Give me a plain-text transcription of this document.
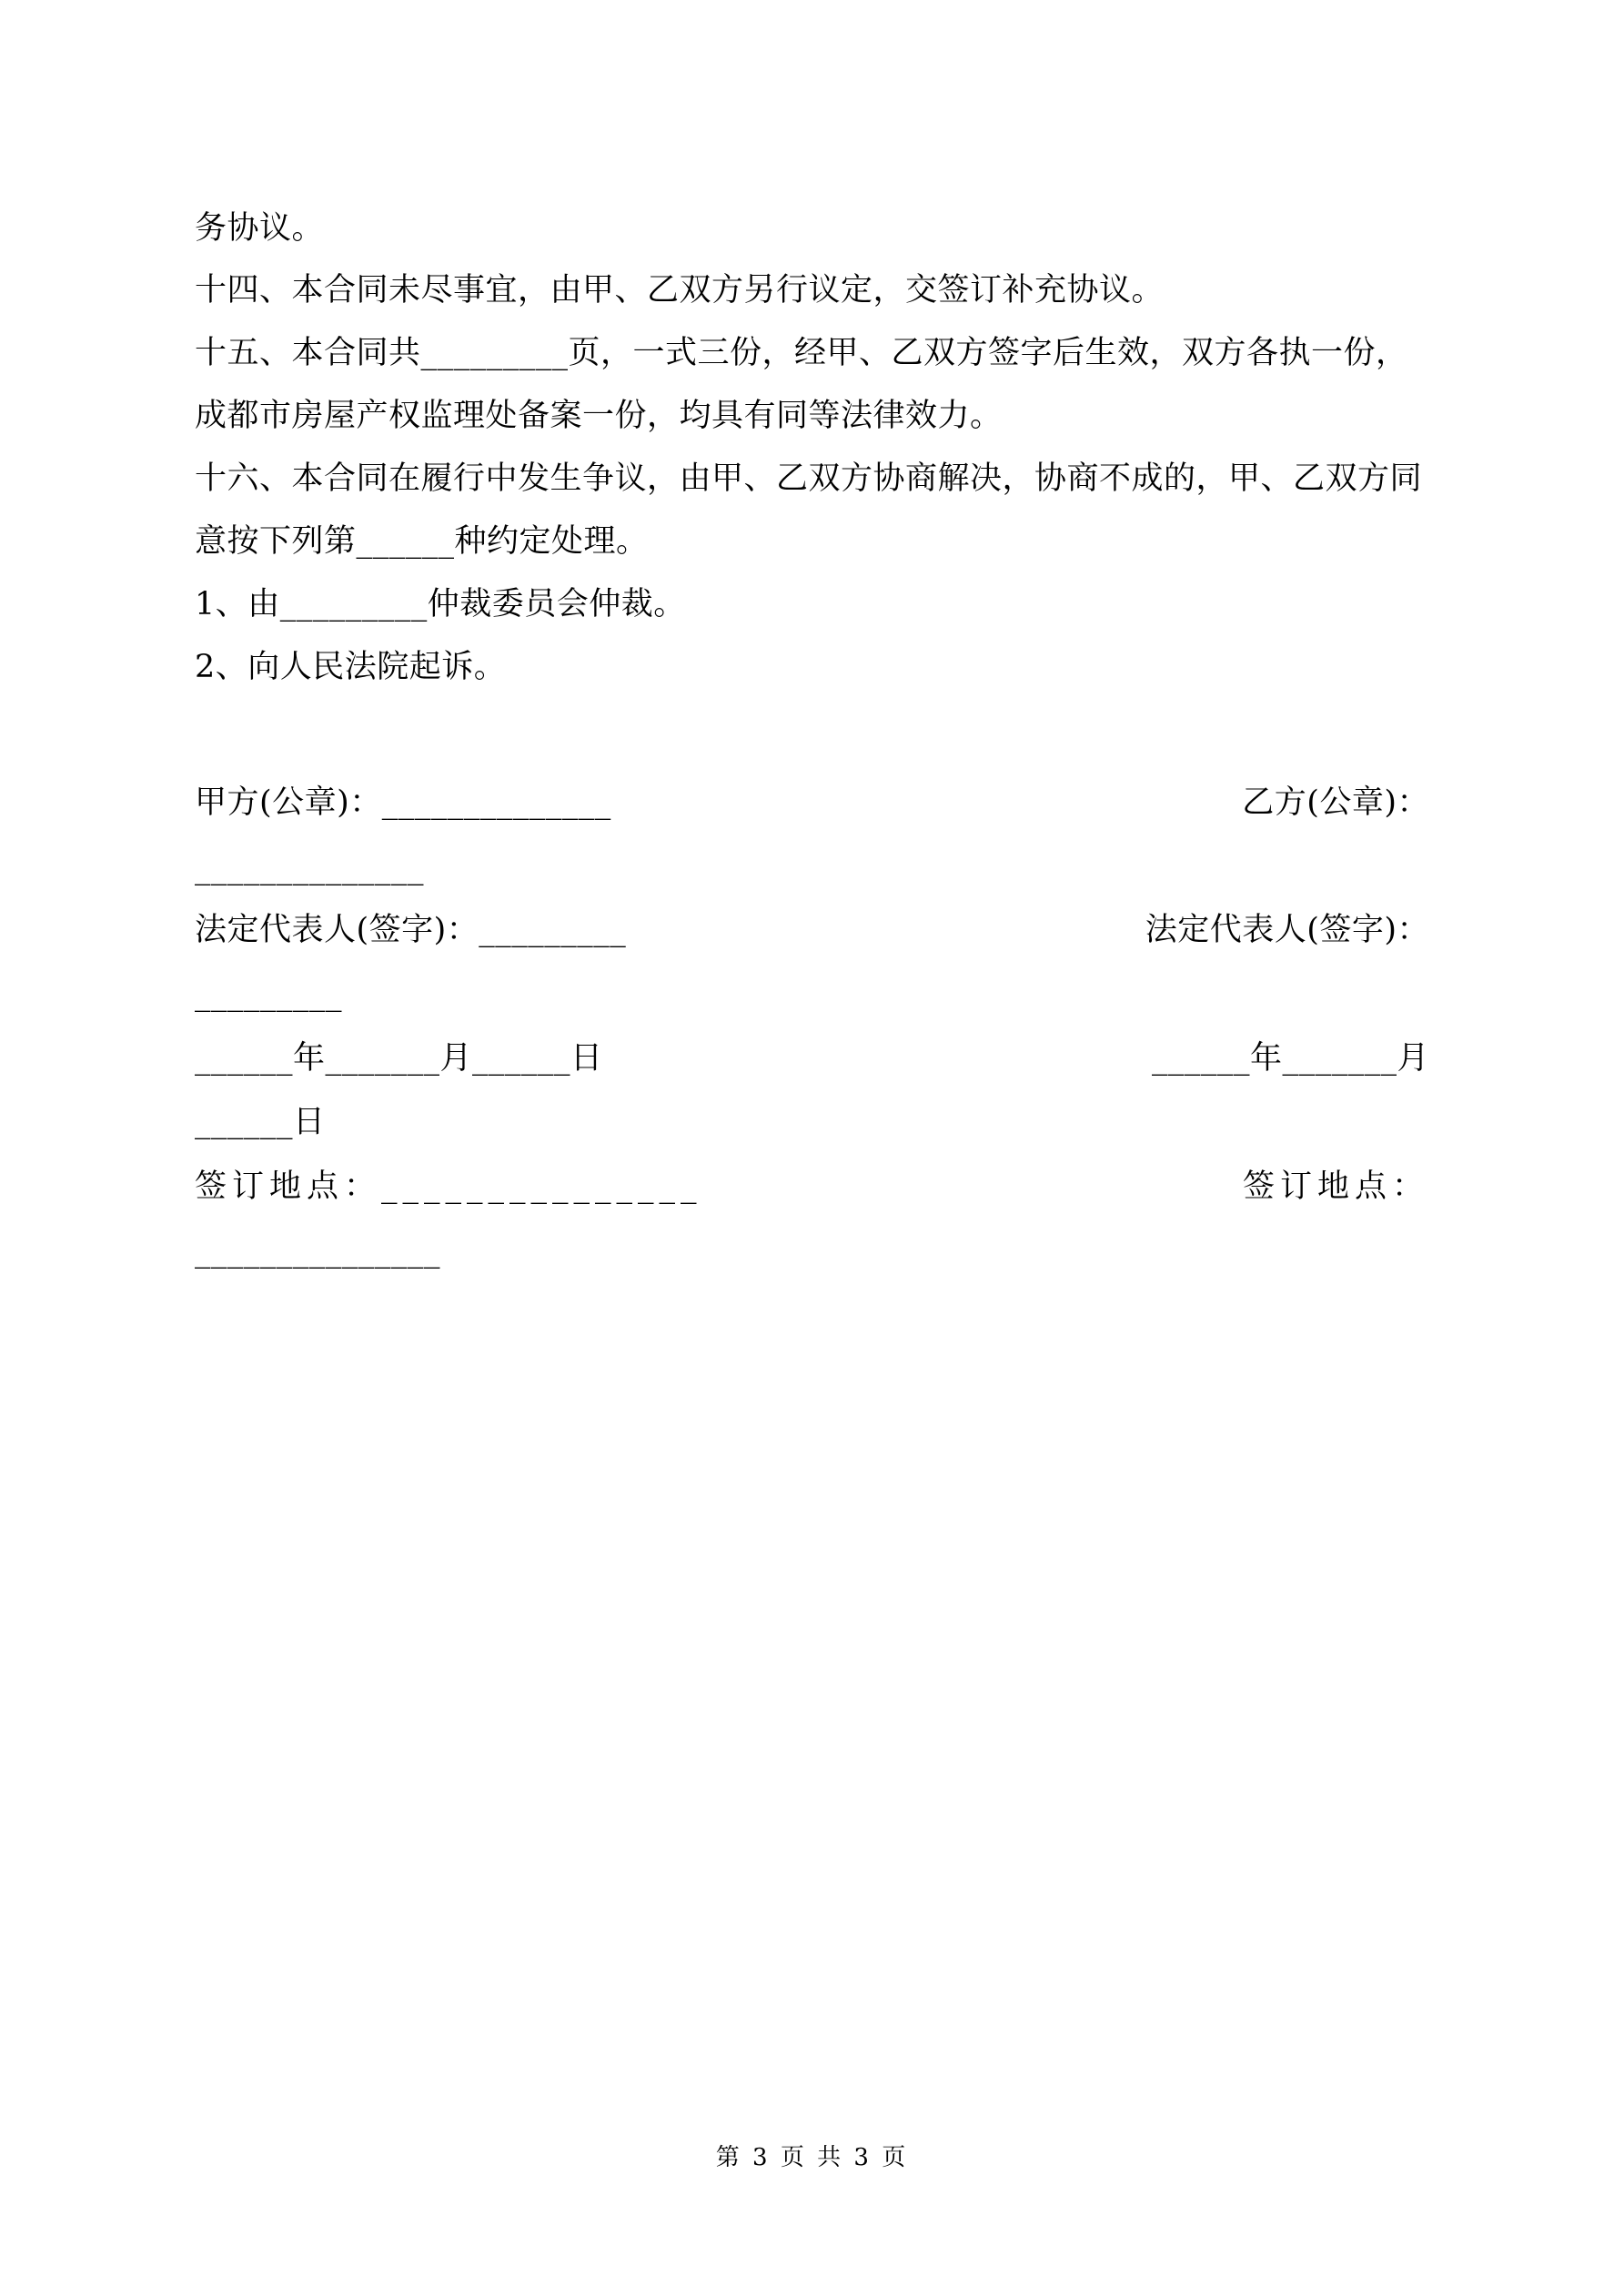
务协议。
十四、本合同未尽事宜，由甲、乙双方另行议定，交签订补充协议。
十五、本合同共_________页，一式三份，经甲、乙双方签字后生效，双方各执一份，
成都市房屋产权监理处备案一份，均具有同等法律效力。
十六、本合同在履行中发生争议，由甲、乙双方协商解决，协商不成的，甲、乙双方同
意按下列第______种约定处理。
1、由_________仲裁委员会仲裁。
2、向人民法院起诉。
甲方(公章)：______________	乙方(公章)：
______________
法定代表人(签字)：_________	法定代表人(签字)：
_________
______年_______月______日	______年_______月
______日
签订地点：_______________	签订地点：
_______________
第 3 页 共 3 页
